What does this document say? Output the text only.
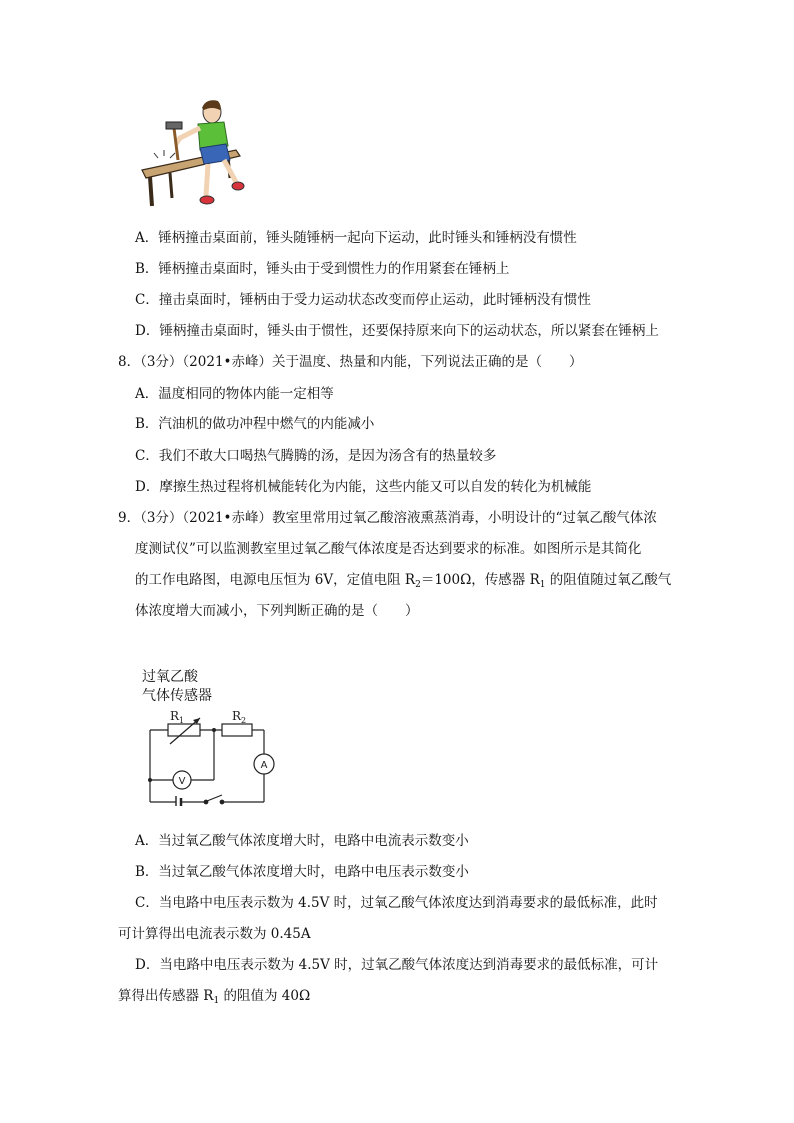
A．锤柄撞击桌面前，锤头随锤柄一起向下运动，此时锤头和锤柄没有惯性
B．锤柄撞击桌面时，锤头由于受到惯性力的作用紧套在锤柄上
C．撞击桌面时，锤柄由于受力运动状态改变而停止运动，此时锤柄没有惯性
D．锤柄撞击桌面时，锤头由于惯性，还要保持原来向下的运动状态，所以紧套在锤柄上
8．（3分）（2021•赤峰）关于温度、热量和内能，下列说法正确的是（　　）
A．温度相同的物体内能一定相等
B．汽油机的做功冲程中燃气的内能减小
C．我们不敢大口喝热气腾腾的汤，是因为汤含有的热量较多
D．摩擦生热过程将机械能转化为内能，这些内能又可以自发的转化为机械能
9．（3分）（2021•赤峰）教室里常用过氧乙酸溶液熏蒸消毒，小明设计的“过氧乙酸气体浓
度测试仪”可以监测教室里过氧乙酸气体浓度是否达到要求的标准。如图所示是其简化
的工作电路图，电源电压恒为 6V，定值电阻 $R_2=100\Omega$，传感器 $R_1$ 的阻值随过氧乙酸气
体浓度增大而减小，下列判断正确的是（　　）
过氧乙酸
气体传感器
$R_1$	$R_2$
V
A
A．当过氧乙酸气体浓度增大时，电路中电流表示数变小
B．当过氧乙酸气体浓度增大时，电路中电压表示数变小
C．当电路中电压表示数为 4.5V 时，过氧乙酸气体浓度达到消毒要求的最低标准，此时
可计算得出电流表示数为 0.45A
D．当电路中电压表示数为 4.5V 时，过氧乙酸气体浓度达到消毒要求的最低标准，可计
算得出传感器 $R_1$ 的阻值为 40Ω
